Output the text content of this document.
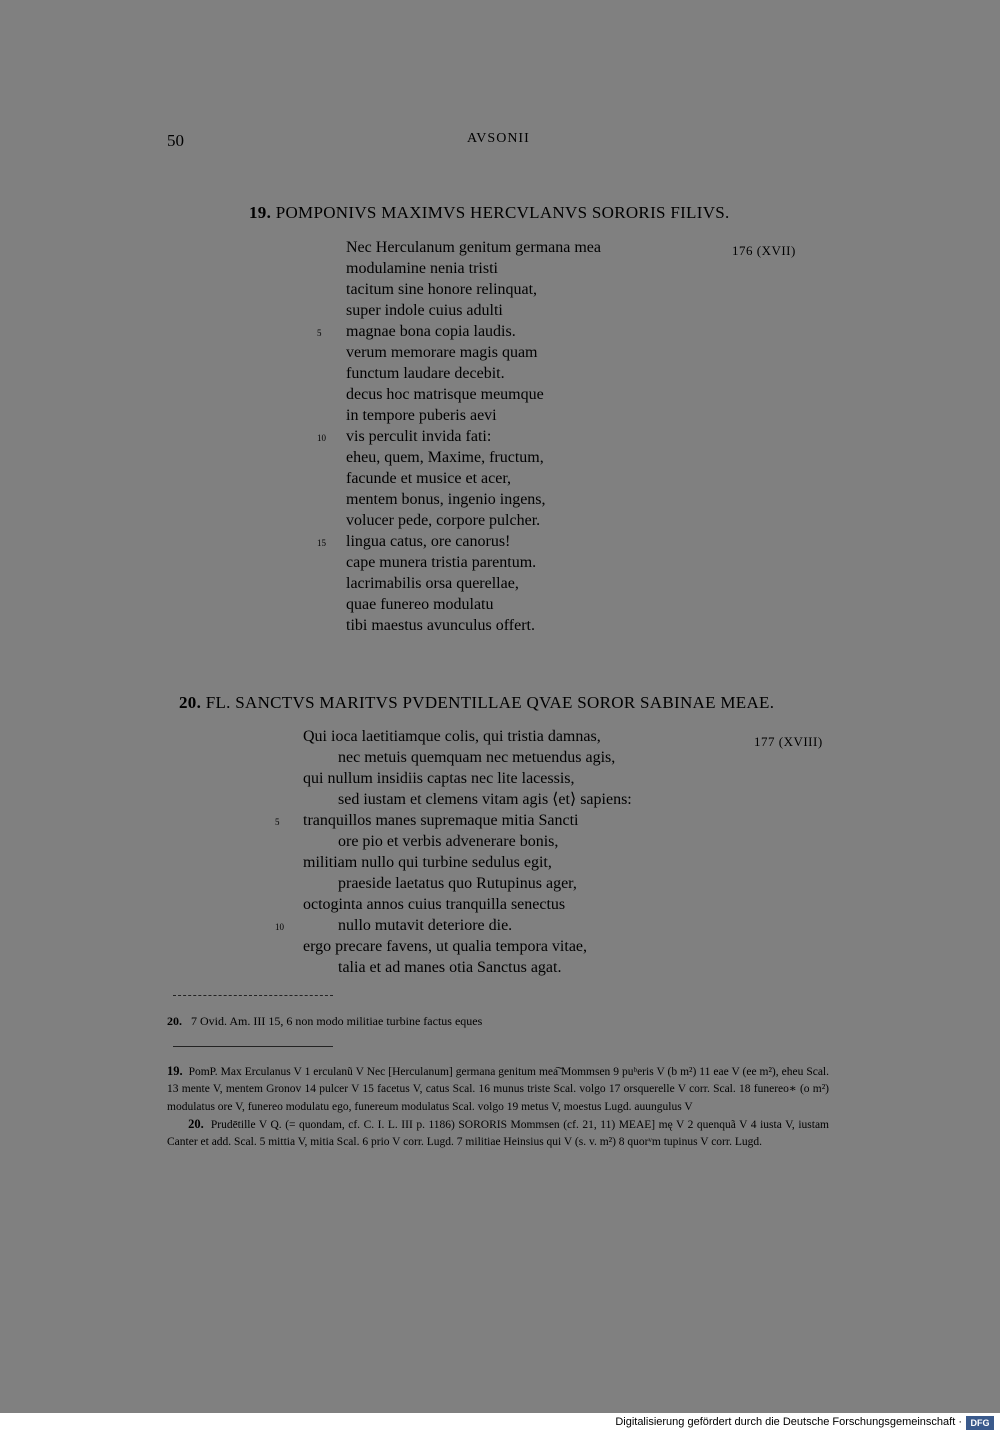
50	AVSONII
19. POMPONIVS MAXIMVS HERCVLANVS SORORIS FILIVS.
176 (XVII)
Nec Herculanum genitum germana mea
modulamine nenia tristi
tacitum sine honore relinquat,
super indole cuius adulti
magnae bona copia laudis.
verum memorare magis quam
functum laudare decebit.
decus hoc matrisque meumque
in tempore puberis aevi
vis perculit invida fati:
eheu, quem, Maxime, fructum,
facunde et musice et acer,
mentem bonus, ingenio ingens,
volucer pede, corpore pulcher.
lingua catus, ore canorus!
cape munera tristia parentum.
lacrimabilis orsa querellae,
quae funereo modulatu
tibi maestus avunculus offert.
5
10
15
20. FL. SANCTVS MARITVS PVDENTILLAE QVAE SOROR SABINAE MEAE.
177 (XVIII)
Qui ioca laetitiamque colis, qui tristia damnas,
nec metuis quemquam nec metuendus agis,
qui nullum insidiis captas nec lite lacessis,
sed iustam et clemens vitam agis ⟨et⟩ sapiens:
tranquillos manes supremaque mitia Sancti
ore pio et verbis advenerare bonis,
militiam nullo qui turbine sedulus egit,
praeside laetatus quo Rutupinus ager,
octoginta annos cuius tranquilla senectus
nullo mutavit deteriore die.
ergo precare favens, ut qualia tempora vitae,
talia et ad manes otia Sanctus agat.
5
10
20. 7 Ovid. Am. III 15, 6 non modo militiae turbine factus eques

19. PomP. Max Erculanus V 1 erculanũ V Nec [Herculanum] germana genitum mea͠ Mommsen 9 puᵇeris V (b m²) 11 eae V (ee m²), eheu Scal. 13 mente V, mentem Gronov 14 pulcer V 15 facetus V, catus Scal. 16 munus triste Scal. volgo 17 orsquerelle V corr. Scal. 18 funereo∗ (o m²) modulatus ore V, funereo modulatu ego, funereum modulatus Scal. volgo 19 metus V, moestus Lugd. auungulus V

20. Prudētille V Q. (= quondam, cf. C. I. L. III p. 1186) SORORIS Mommsen (cf. 21, 11) MEAE] mę V 2 quenquã V 4 iusta V, iustam Canter et add. Scal. 5 mittia V, mitia Scal. 6 prio V corr. Lugd. 7 militiae Heinsius qui V (s. v. m²) 8 quorᵛm tupinus V corr. Lugd.

Digitalisierung gefördert durch die Deutsche Forschungsgemeinschaft · DFG
